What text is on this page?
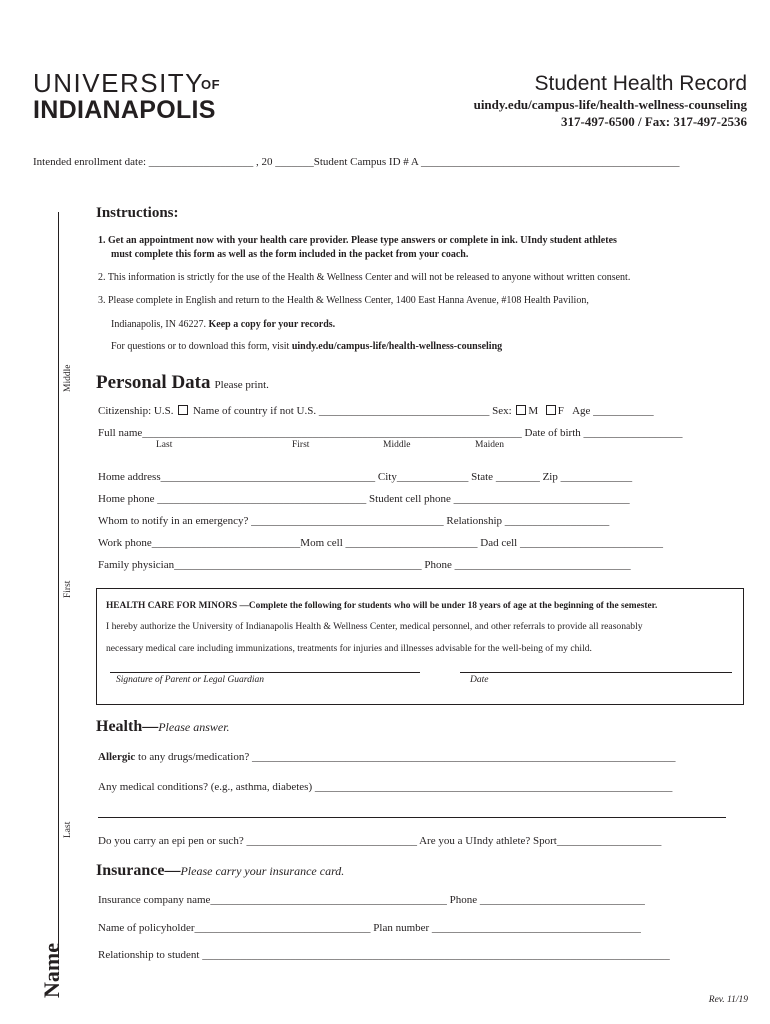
UNIVERSITY
OF
INDIANAPOLIS
Student Health Record
uindy.edu/campus-life/health-wellness-counseling
317-497-6500 / Fax: 317-497-2536
Intended enrollment date: ___________________ , 20 _______Student Campus ID # A _______________________________________________
Middle
First
Last
Name
Instructions:
1. Get an appointment now with your health care provider. Please type answers or complete in ink. UIndy student athletes
must complete this form as well as the form included in the packet from your coach.
2. This information is strictly for the use of the Health & Wellness Center and will not be released to anyone without written consent.
3. Please complete in English and return to the Health & Wellness Center, 1400 East Hanna Avenue, #108 Health Pavilion,
Indianapolis, IN 46227. Keep a copy for your records.
For questions or to download this form, visit uindy.edu/campus-life/health-wellness-counseling
Personal Data Please print.
Citizenship: U.S. Name of country if not U.S. _______________________________ Sex: M F Age ___________
Full name_____________________________________________________________________ Date of birth __________________
Last	First	Middle	Maiden
Home address_______________________________________ City_____________ State ________ Zip _____________
Home phone ______________________________________ Student cell phone ________________________________
Whom to notify in an emergency? ___________________________________ Relationship ___________________
Work phone___________________________Mom cell ________________________ Dad cell __________________________
Family physician_____________________________________________ Phone ________________________________
HEALTH CARE FOR MINORS —Complete the following for students who will be under 18 years of age at the beginning of the semester.
I hereby authorize the University of Indianapolis Health & Wellness Center, medical personnel, and other referrals to provide all reasonably
necessary medical care including immunizations, treatments for injuries and illnesses advisable for the well-being of my child.
Signature of Parent or Legal Guardian	Date
Health—Please answer.
Allergic to any drugs/medication? _____________________________________________________________________________
Any medical conditions? (e.g., asthma, diabetes) _________________________________________________________________
Do you carry an epi pen or such? _______________________________ Are you a UIndy athlete? Sport___________________
Insurance—Please carry your insurance card.
Insurance company name___________________________________________ Phone ______________________________
Name of policyholder________________________________ Plan number ______________________________________
Relationship to student _____________________________________________________________________________________
Rev. 11/19
